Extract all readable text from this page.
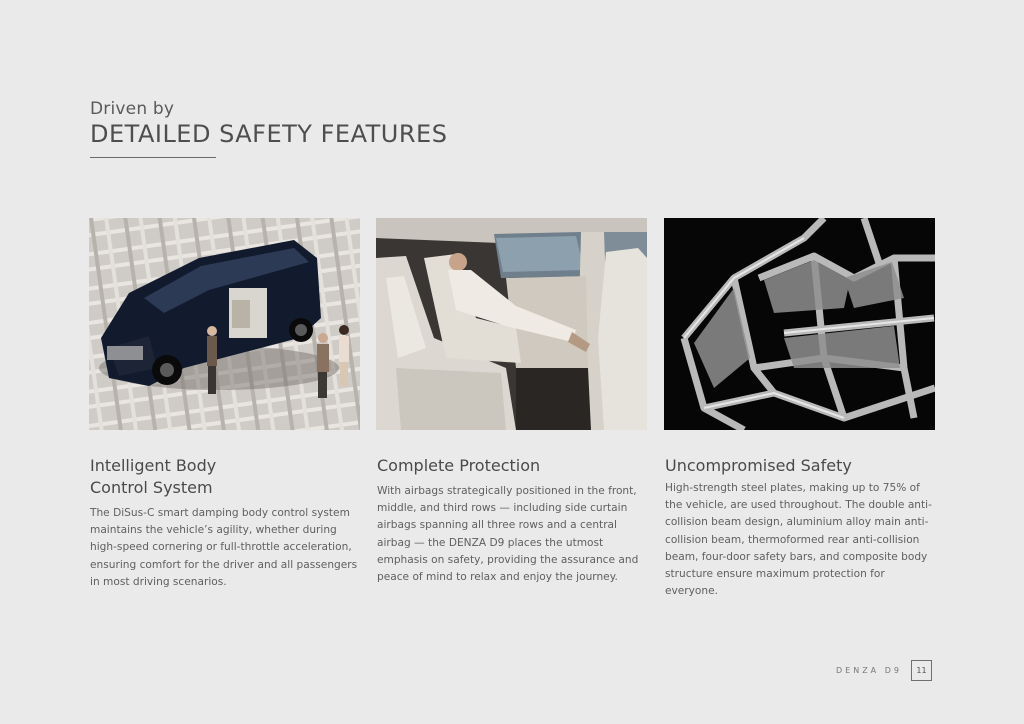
Driven by
DETAILED SAFETY FEATURES
Intelligent Body
Control System

The DiSus-C smart damping body control system maintains the vehicle’s agility, whether during high-speed cornering or full-throttle acceleration, ensuring comfort for the driver and all passengers in most driving scenarios.

Complete Protection

With airbags strategically positioned in the front, middle, and third rows — including side curtain airbags spanning all three rows and a central airbag — the DENZA D9 places the utmost emphasis on safety, providing the assurance and peace of mind to relax and enjoy the journey.

Uncompromised Safety

High-strength steel plates, making up to 75% of the vehicle, are used throughout. The double anti-collision beam design, aluminium alloy main anti-collision beam, thermoformed rear anti-collision beam, four-door safety bars, and composite body structure ensure maximum protection for everyone.

DENZA D9	11
